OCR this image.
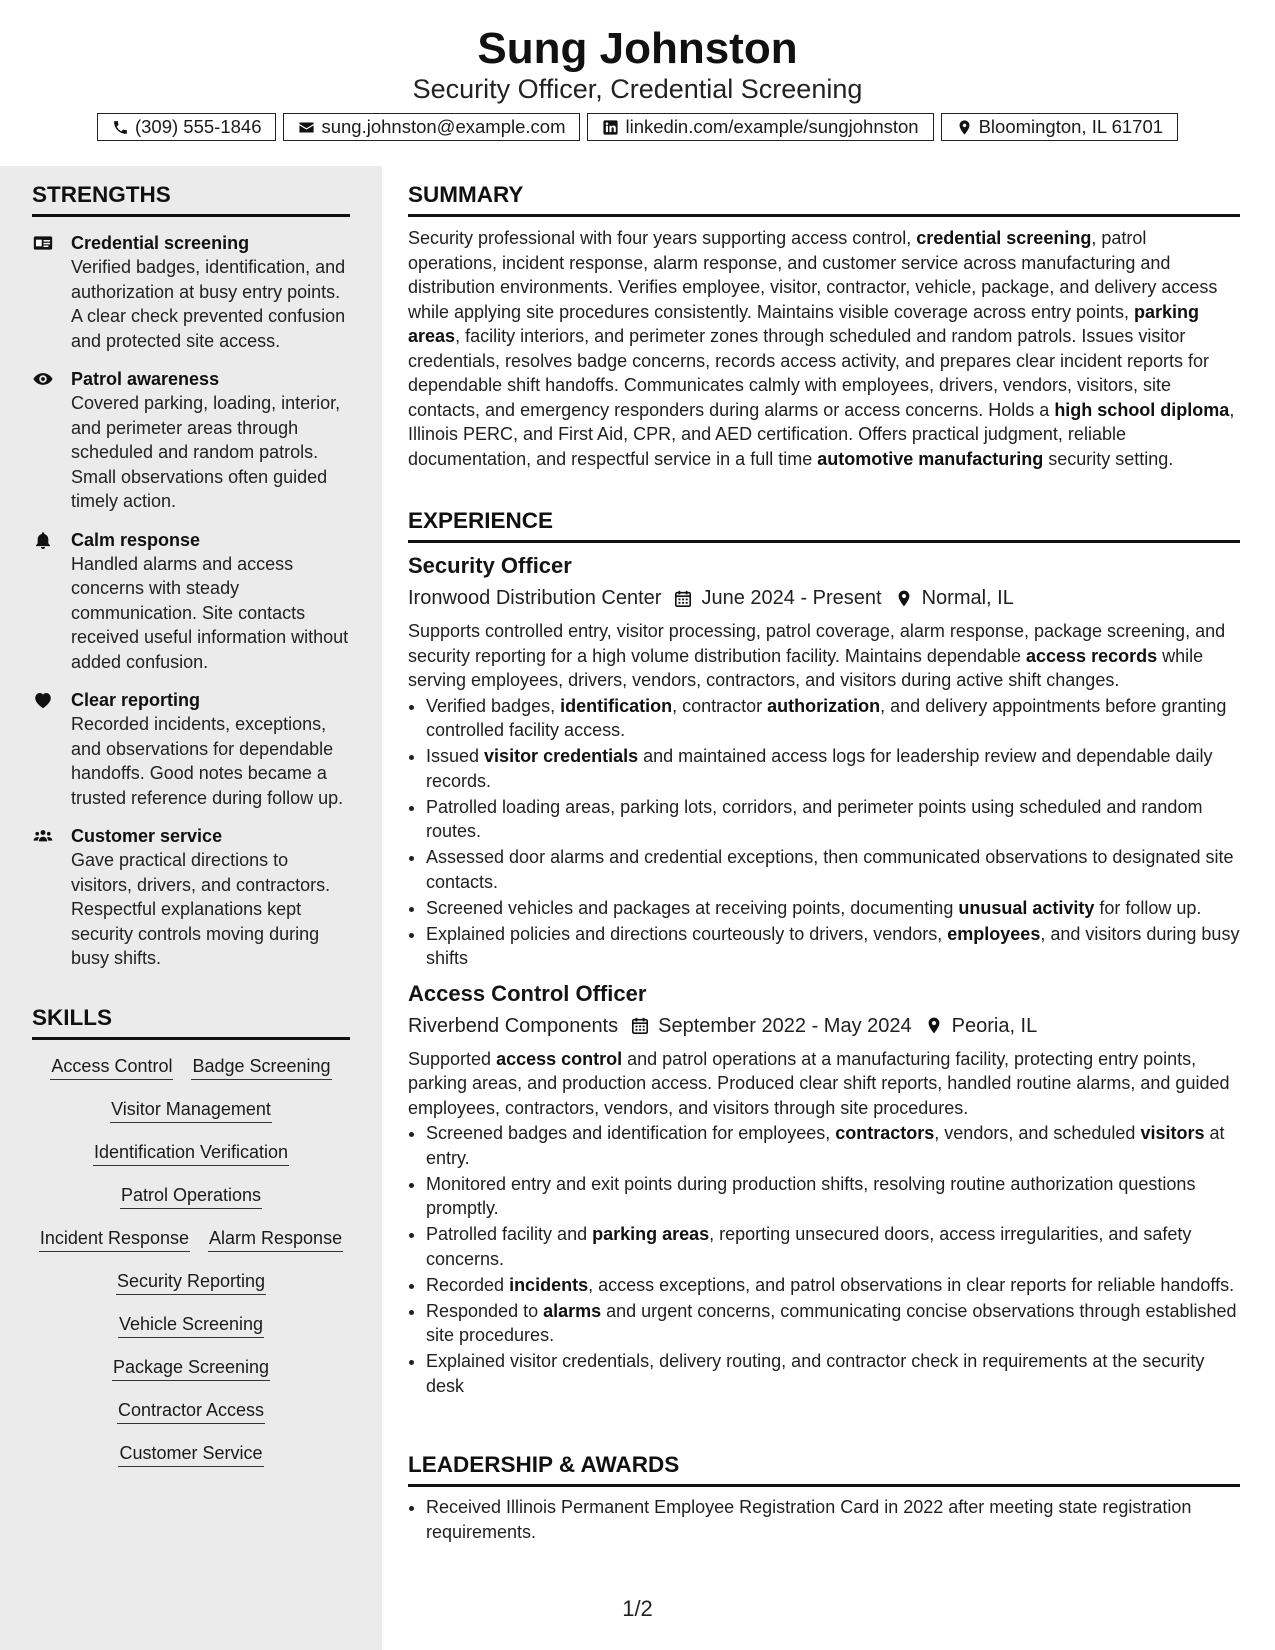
Sung Johnston
Security Officer, Credential Screening
(309) 555-1846	sung.johnston@example.com	linkedin.com/example/sungjohnston	Bloomington, IL 61701
STRENGTHS
Credential screening
Verified badges, identification, and authorization at busy entry points. A clear check prevented confusion and protected site access.
Patrol awareness
Covered parking, loading, interior, and perimeter areas through scheduled and random patrols. Small observations often guided timely action.
Calm response
Handled alarms and access concerns with steady communication. Site contacts received useful information without added confusion.
Clear reporting
Recorded incidents, exceptions, and observations for dependable handoffs. Good notes became a trusted reference during follow up.
Customer service
Gave practical directions to visitors, drivers, and contractors. Respectful explanations kept security controls moving during busy shifts.
SKILLS
Access Control Badge Screening
Visitor Management
Identification Verification
Patrol Operations
Incident Response Alarm Response
Security Reporting
Vehicle Screening
Package Screening
Contractor Access
Customer Service
SUMMARY
Security professional with four years supporting access control, credential screening, patrol operations, incident response, alarm response, and customer service across manufacturing and distribution environments. Verifies employee, visitor, contractor, vehicle, package, and delivery access while applying site procedures consistently. Maintains visible coverage across entry points, parking areas, facility interiors, and perimeter zones through scheduled and random patrols. Issues visitor credentials, resolves badge concerns, records access activity, and prepares clear incident reports for dependable shift handoffs. Communicates calmly with employees, drivers, vendors, visitors, site contacts, and emergency responders during alarms or access concerns. Holds a high school diploma, Illinois PERC, and First Aid, CPR, and AED certification. Offers practical judgment, reliable documentation, and respectful service in a full time automotive manufacturing security setting.
EXPERIENCE
Security Officer
Ironwood Distribution Center June 2024 - Present Normal, IL
Supports controlled entry, visitor processing, patrol coverage, alarm response, package screening, and security reporting for a high volume distribution facility. Maintains dependable access records while serving employees, drivers, vendors, contractors, and visitors during active shift changes.
• Verified badges, identification, contractor authorization, and delivery appointments before granting controlled facility access.
• Issued visitor credentials and maintained access logs for leadership review and dependable daily records.
• Patrolled loading areas, parking lots, corridors, and perimeter points using scheduled and random routes.
• Assessed door alarms and credential exceptions, then communicated observations to designated site contacts.
• Screened vehicles and packages at receiving points, documenting unusual activity for follow up.
• Explained policies and directions courteously to drivers, vendors, employees, and visitors during busy shifts
Access Control Officer
Riverbend Components September 2022 - May 2024 Peoria, IL
Supported access control and patrol operations at a manufacturing facility, protecting entry points, parking areas, and production access. Produced clear shift reports, handled routine alarms, and guided employees, contractors, vendors, and visitors through site procedures.
• Screened badges and identification for employees, contractors, vendors, and scheduled visitors at entry.
• Monitored entry and exit points during production shifts, resolving routine authorization questions promptly.
• Patrolled facility and parking areas, reporting unsecured doors, access irregularities, and safety concerns.
• Recorded incidents, access exceptions, and patrol observations in clear reports for reliable handoffs.
• Responded to alarms and urgent concerns, communicating concise observations through established site procedures.
• Explained visitor credentials, delivery routing, and contractor check in requirements at the security desk
LEADERSHIP & AWARDS
• Received Illinois Permanent Employee Registration Card in 2022 after meeting state registration requirements.
1/2
